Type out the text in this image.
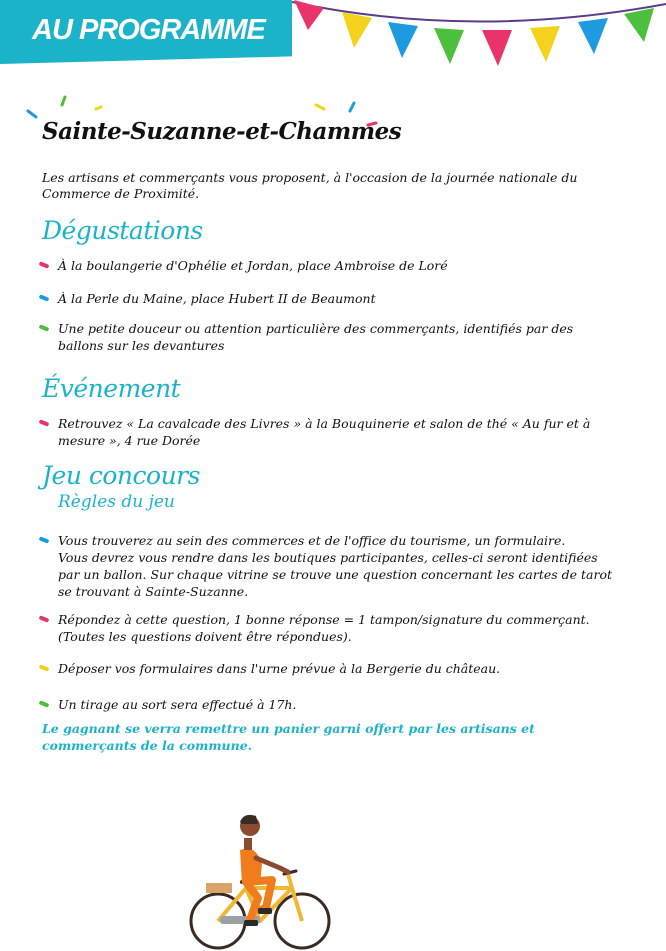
AU PROGRAMME
Sainte-Suzanne-et-Chammes
Les artisans et commerçants vous proposent, à l'occasion de la journée nationale du Commerce de Proximité.
Dégustations
À la boulangerie d'Ophélie et Jordan, place Ambroise de Loré
À la Perle du Maine, place Hubert II de Beaumont
Une petite douceur ou attention particulière des commerçants, identifiés par des ballons sur les devantures
Événement
Retrouvez « La cavalcade des Livres » à la Bouquinerie et salon de thé « Au fur et à mesure », 4 rue Dorée
Jeu concours
Règles du jeu
Vous trouverez au sein des commerces et de l'office du tourisme, un formulaire.
Vous devrez vous rendre dans les boutiques participantes, celles-ci seront identifiées par un ballon. Sur chaque vitrine se trouve une question concernant les cartes de tarot se trouvant à Sainte-Suzanne.
Répondez à cette question, 1 bonne réponse = 1 tampon/signature du commerçant. (Toutes les questions doivent être répondues).
Déposer vos formulaires dans l'urne prévue à la Bergerie du château.
Un tirage au sort sera effectué à 17h.
Le gagnant se verra remettre un panier garni offert par les artisans et commerçants de la commune.
